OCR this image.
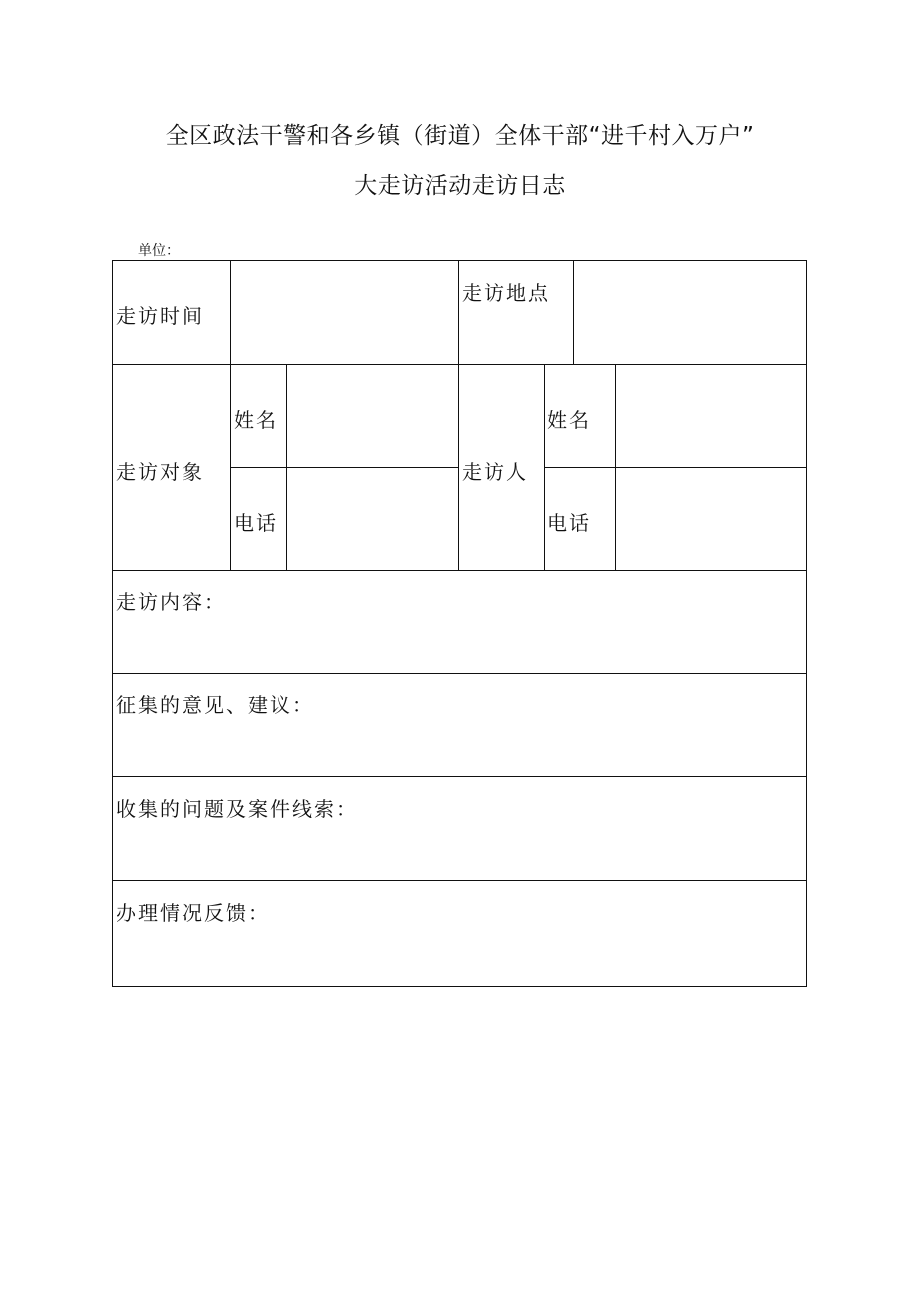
全区政法干警和各乡镇（街道）全体干部“进千村入万户”
大走访活动走访日志
单位：
走访时间
走访地点
走访对象
姓名
电话
走访人
姓名
电话
走访内容：
征集的意见、建议：
收集的问题及案件线索：
办理情况反馈：
